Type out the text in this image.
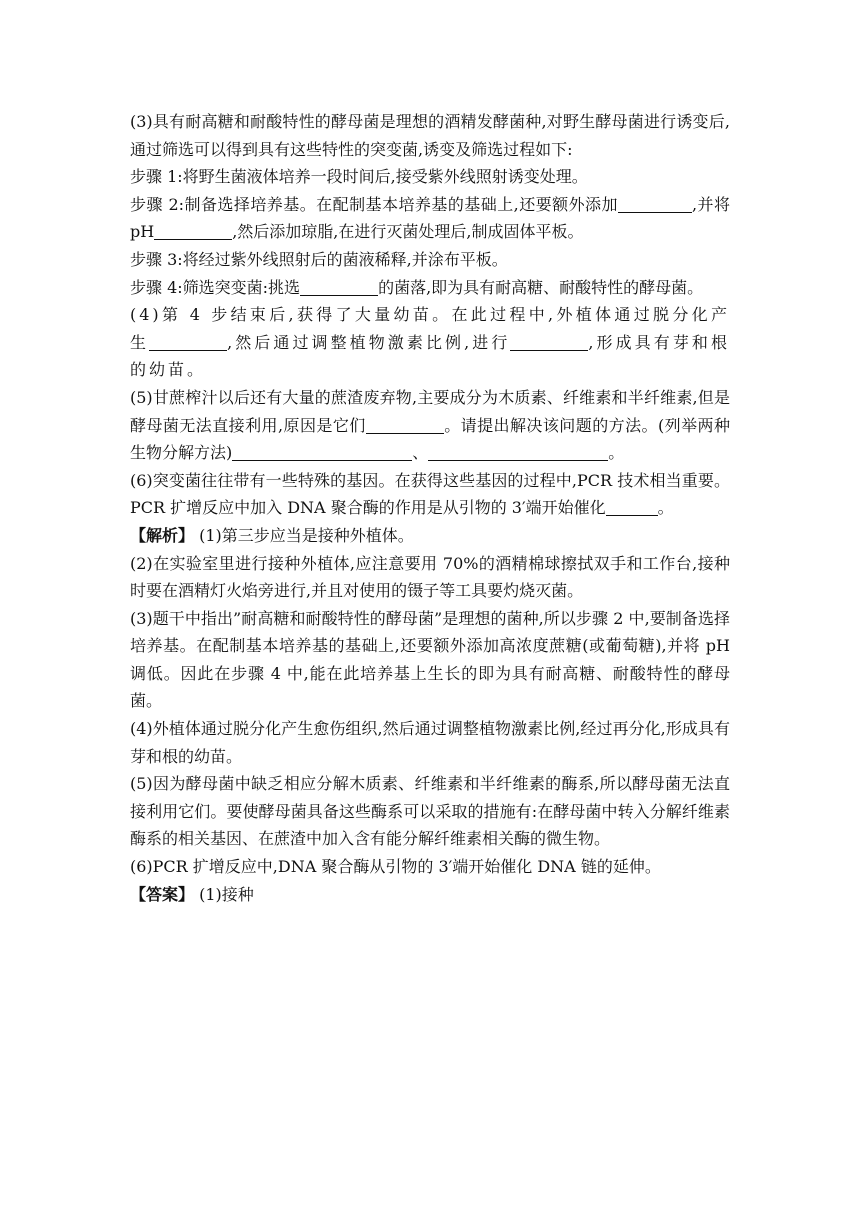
(3)具有耐高糖和耐酸特性的酵母菌是理想的酒精发酵菌种,对野生酵母菌进行诱变后,通过筛选可以得到具有这些特性的突变菌,诱变及筛选过程如下:

步骤 1:将野生菌液体培养一段时间后,接受紫外线照射诱变处理。

步骤 2:制备选择培养基。在配制基本培养基的基础上,还要额外添加	,并将 pH	,然后添加琼脂,在进行灭菌处理后,制成固体平板。

步骤 3:将经过紫外线照射后的菌液稀释,并涂布平板。

步骤 4:筛选突变菌:挑选	的菌落,即为具有耐高糖、耐酸特性的酵母菌。

(4)第 4 步结束后,获得了大量幼苗。在此过程中,外植体通过脱分化产生	,然后通过调整植物激素比例,进行	,形成具有芽和根的幼苗。

(5)甘蔗榨汁以后还有大量的蔗渣废弃物,主要成分为木质素、纤维素和半纤维素,但是酵母菌无法直接利用,原因是它们	。请提出解决该问题的方法。(列举两种生物分解方法)	、	。

(6)突变菌往往带有一些特殊的基因。在获得这些基因的过程中,PCR 技术相当重要。PCR 扩增反应中加入 DNA 聚合酶的作用是从引物的 3′端开始催化	。

【解析】 (1)第三步应当是接种外植体。

(2)在实验室里进行接种外植体,应注意要用 70%的酒精棉球擦拭双手和工作台,接种时要在酒精灯火焰旁进行,并且对使用的镊子等工具要灼烧灭菌。

(3)题干中指出”耐高糖和耐酸特性的酵母菌”是理想的菌种,所以步骤 2 中,要制备选择培养基。在配制基本培养基的基础上,还要额外添加高浓度蔗糖(或葡萄糖),并将 pH 调低。因此在步骤 4 中,能在此培养基上生长的即为具有耐高糖、耐酸特性的酵母菌。

(4)外植体通过脱分化产生愈伤组织,然后通过调整植物激素比例,经过再分化,形成具有芽和根的幼苗。

(5)因为酵母菌中缺乏相应分解木质素、纤维素和半纤维素的酶系,所以酵母菌无法直接利用它们。要使酵母菌具备这些酶系可以采取的措施有:在酵母菌中转入分解纤维素酶系的相关基因、在蔗渣中加入含有能分解纤维素相关酶的微生物。

(6)PCR 扩增反应中,DNA 聚合酶从引物的 3′端开始催化 DNA 链的延伸。

【答案】 (1)接种
